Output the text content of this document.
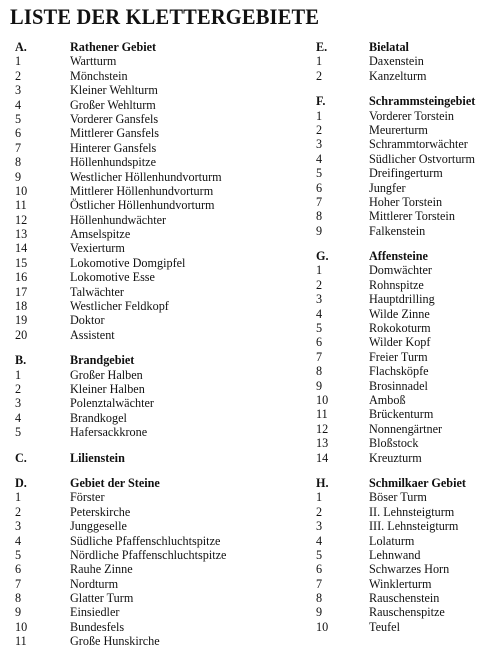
LISTE DER KLETTERGEBIETE
A.	Rathener Gebiet
1	Wartturm
2	Mönchstein
3	Kleiner Wehlturm
4	Großer Wehlturm
5	Vorderer Gansfels
6	Mittlerer Gansfels
7	Hinterer Gansfels
8	Höllenhundspitze
9	Westlicher Höllenhundvorturm
10	Mittlerer Höllenhundvorturm
11	Östlicher Höllenhundvorturm
12	Höllenhundwächter
13	Amselspitze
14	Vexierturm
15	Lokomotive Domgipfel
16	Lokomotive Esse
17	Talwächter
18	Westlicher Feldkopf
19	Doktor
20	Assistent
B.	Brandgebiet
1	Großer Halben
2	Kleiner Halben
3	Polenztalwächter
4	Brandkogel
5	Hafersackkrone
C.	Lilienstein
D.	Gebiet der Steine
1	Förster
2	Peterskirche
3	Junggeselle
4	Südliche Pfaffenschluchtspitze
5	Nördliche Pfaffenschluchtspitze
6	Rauhe Zinne
7	Nordturm
8	Glatter Turm
9	Einsiedler
10	Bundesfels
11	Große Hunskirche
E.	Bielatal
1	Daxenstein
2	Kanzelturm
F.	Schrammsteingebiet
1	Vorderer Torstein
2	Meurerturm
3	Schrammtorwächter
4	Südlicher Ostvorturm
5	Dreifingerturm
6	Jungfer
7	Hoher Torstein
8	Mittlerer Torstein
9	Falkenstein
G.	Affensteine
1	Domwächter
2	Rohnspitze
3	Hauptdrilling
4	Wilde Zinne
5	Rokokoturm
6	Wilder Kopf
7	Freier Turm
8	Flachsköpfe
9	Brosinnadel
10	Amboß
11	Brückenturm
12	Nonnengärtner
13	Bloßstock
14	Kreuzturm
H.	Schmilkaer Gebiet
1	Böser Turm
2	II. Lehnsteigturm
3	III. Lehnsteigturm
4	Lolaturm
5	Lehnwand
6	Schwarzes Horn
7	Winklerturm
8	Rauschenstein
9	Rauschenspitze
10	Teufel
